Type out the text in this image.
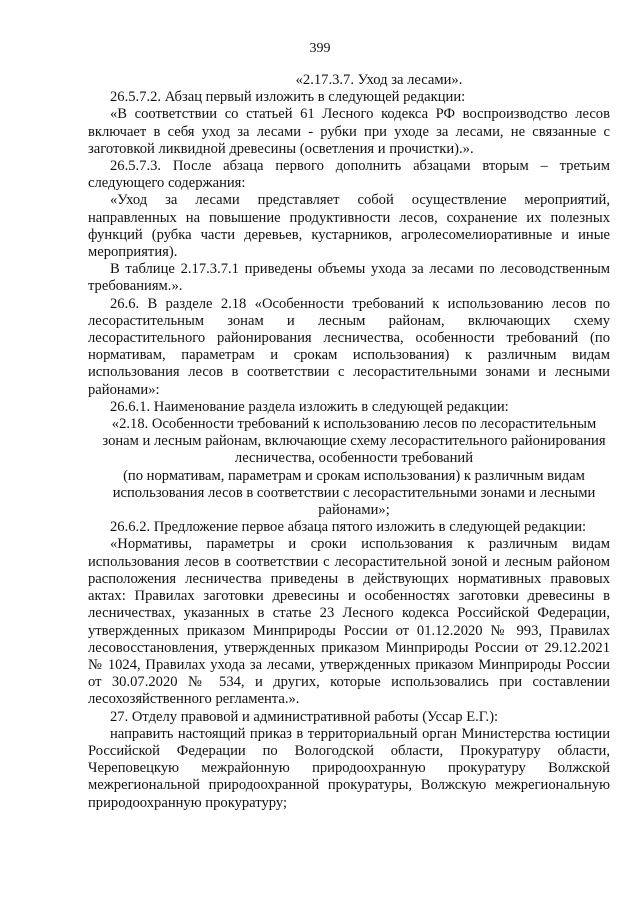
399

«2.17.3.7. Уход за лесами».

26.5.7.2. Абзац первый изложить в следующей редакции:

«В соответствии со статьей 61 Лесного кодекса РФ воспроизводство лесов включает в себя уход за лесами - рубки при уходе за лесами, не связанные с заготовкой ликвидной древесины (осветления и прочистки).».

26.5.7.3. После абзаца первого дополнить абзацами вторым – третьим следующего содержания:

«Уход за лесами представляет собой осуществление мероприятий, направленных на повышение продуктивности лесов, сохранение их полезных функций (рубка части деревьев, кустарников, агролесомелиоративные и иные мероприятия).

В таблице 2.17.3.7.1 приведены объемы ухода за лесами по лесоводственным требованиям.».

26.6. В разделе 2.18 «Особенности требований к использованию лесов по лесорастительным зонам и лесным районам, включающих схему лесорастительного районирования лесничества, особенности требований (по нормативам, параметрам и срокам использования) к различным видам использования лесов в соответствии с лесорастительными зонами и лесными районами»:

26.6.1. Наименование раздела изложить в следующей редакции:

«2.18. Особенности требований к использованию лесов по лесорастительным зонам и лесным районам, включающие схему лесорастительного районирования лесничества, особенности требований

(по нормативам, параметрам и срокам использования) к различным видам использования лесов в соответствии с лесорастительными зонами и лесными районами»;

26.6.2. Предложение первое абзаца пятого изложить в следующей редакции:

«Нормативы, параметры и сроки использования к различным видам использования лесов в соответствии с лесорастительной зоной и лесным районом расположения лесничества приведены в действующих нормативных правовых актах: Правилах заготовки древесины и особенностях заготовки древесины в лесничествах, указанных в статье 23 Лесного кодекса Российской Федерации, утвержденных приказом Минприроды России от 01.12.2020 № 993, Правилах лесовосстановления, утвержденных приказом Минприроды России от 29.12.2021 № 1024, Правилах ухода за лесами, утвержденных приказом Минприроды России от 30.07.2020 № 534, и других, которые использовались при составлении лесохозяйственного регламента.».

27. Отделу правовой и административной работы (Уссар Е.Г.):

направить настоящий приказ в территориальный орган Министерства юстиции Российской Федерации по Вологодской области, Прокуратуру области, Череповецкую межрайонную природоохранную прокуратуру Волжской межрегиональной природоохранной прокуратуры, Волжскую межрегиональную природоохранную прокуратуру;
